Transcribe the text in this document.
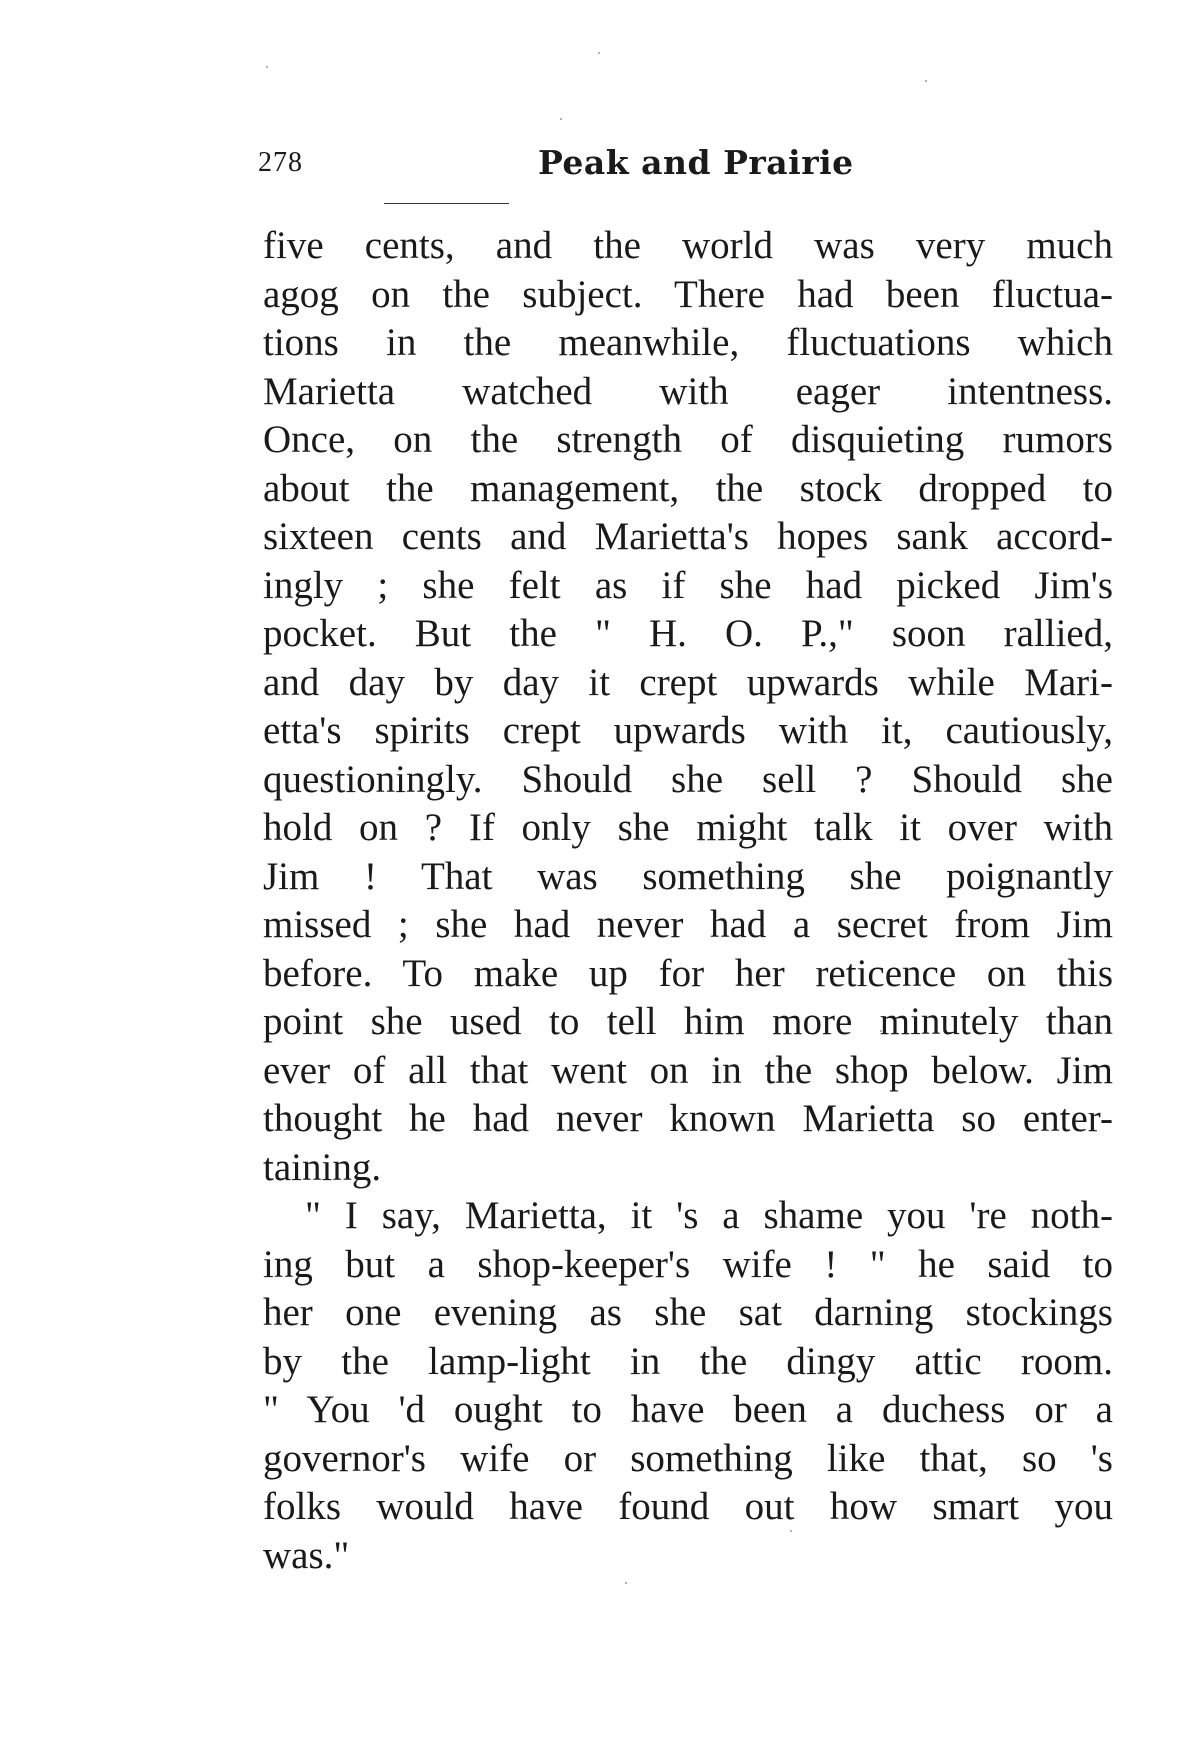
278	Peak and Prairie
five cents, and the world was very much
agog on the subject. There had been fluctua-
tions in the meanwhile, fluctuations which
Marietta watched with eager intentness.
Once, on the strength of disquieting rumors
about the management, the stock dropped to
sixteen cents and Marietta's hopes sank accord-
ingly ; she felt as if she had picked Jim's
pocket. But the " H. O. P.," soon rallied,
and day by day it crept upwards while Mari-
etta's spirits crept upwards with it, cautiously,
questioningly. Should she sell ? Should she
hold on ? If only she might talk it over with
Jim ! That was something she poignantly
missed ; she had never had a secret from Jim
before. To make up for her reticence on this
point she used to tell him more minutely than
ever of all that went on in the shop below. Jim
thought he had never known Marietta so enter-
taining.
" I say, Marietta, it 's a shame you 're noth-
ing but a shop-keeper's wife ! " he said to
her one evening as she sat darning stockings
by the lamp-light in the dingy attic room.
" You 'd ought to have been a duchess or a
governor's wife or something like that, so 's
folks would have found out how smart you
was."
